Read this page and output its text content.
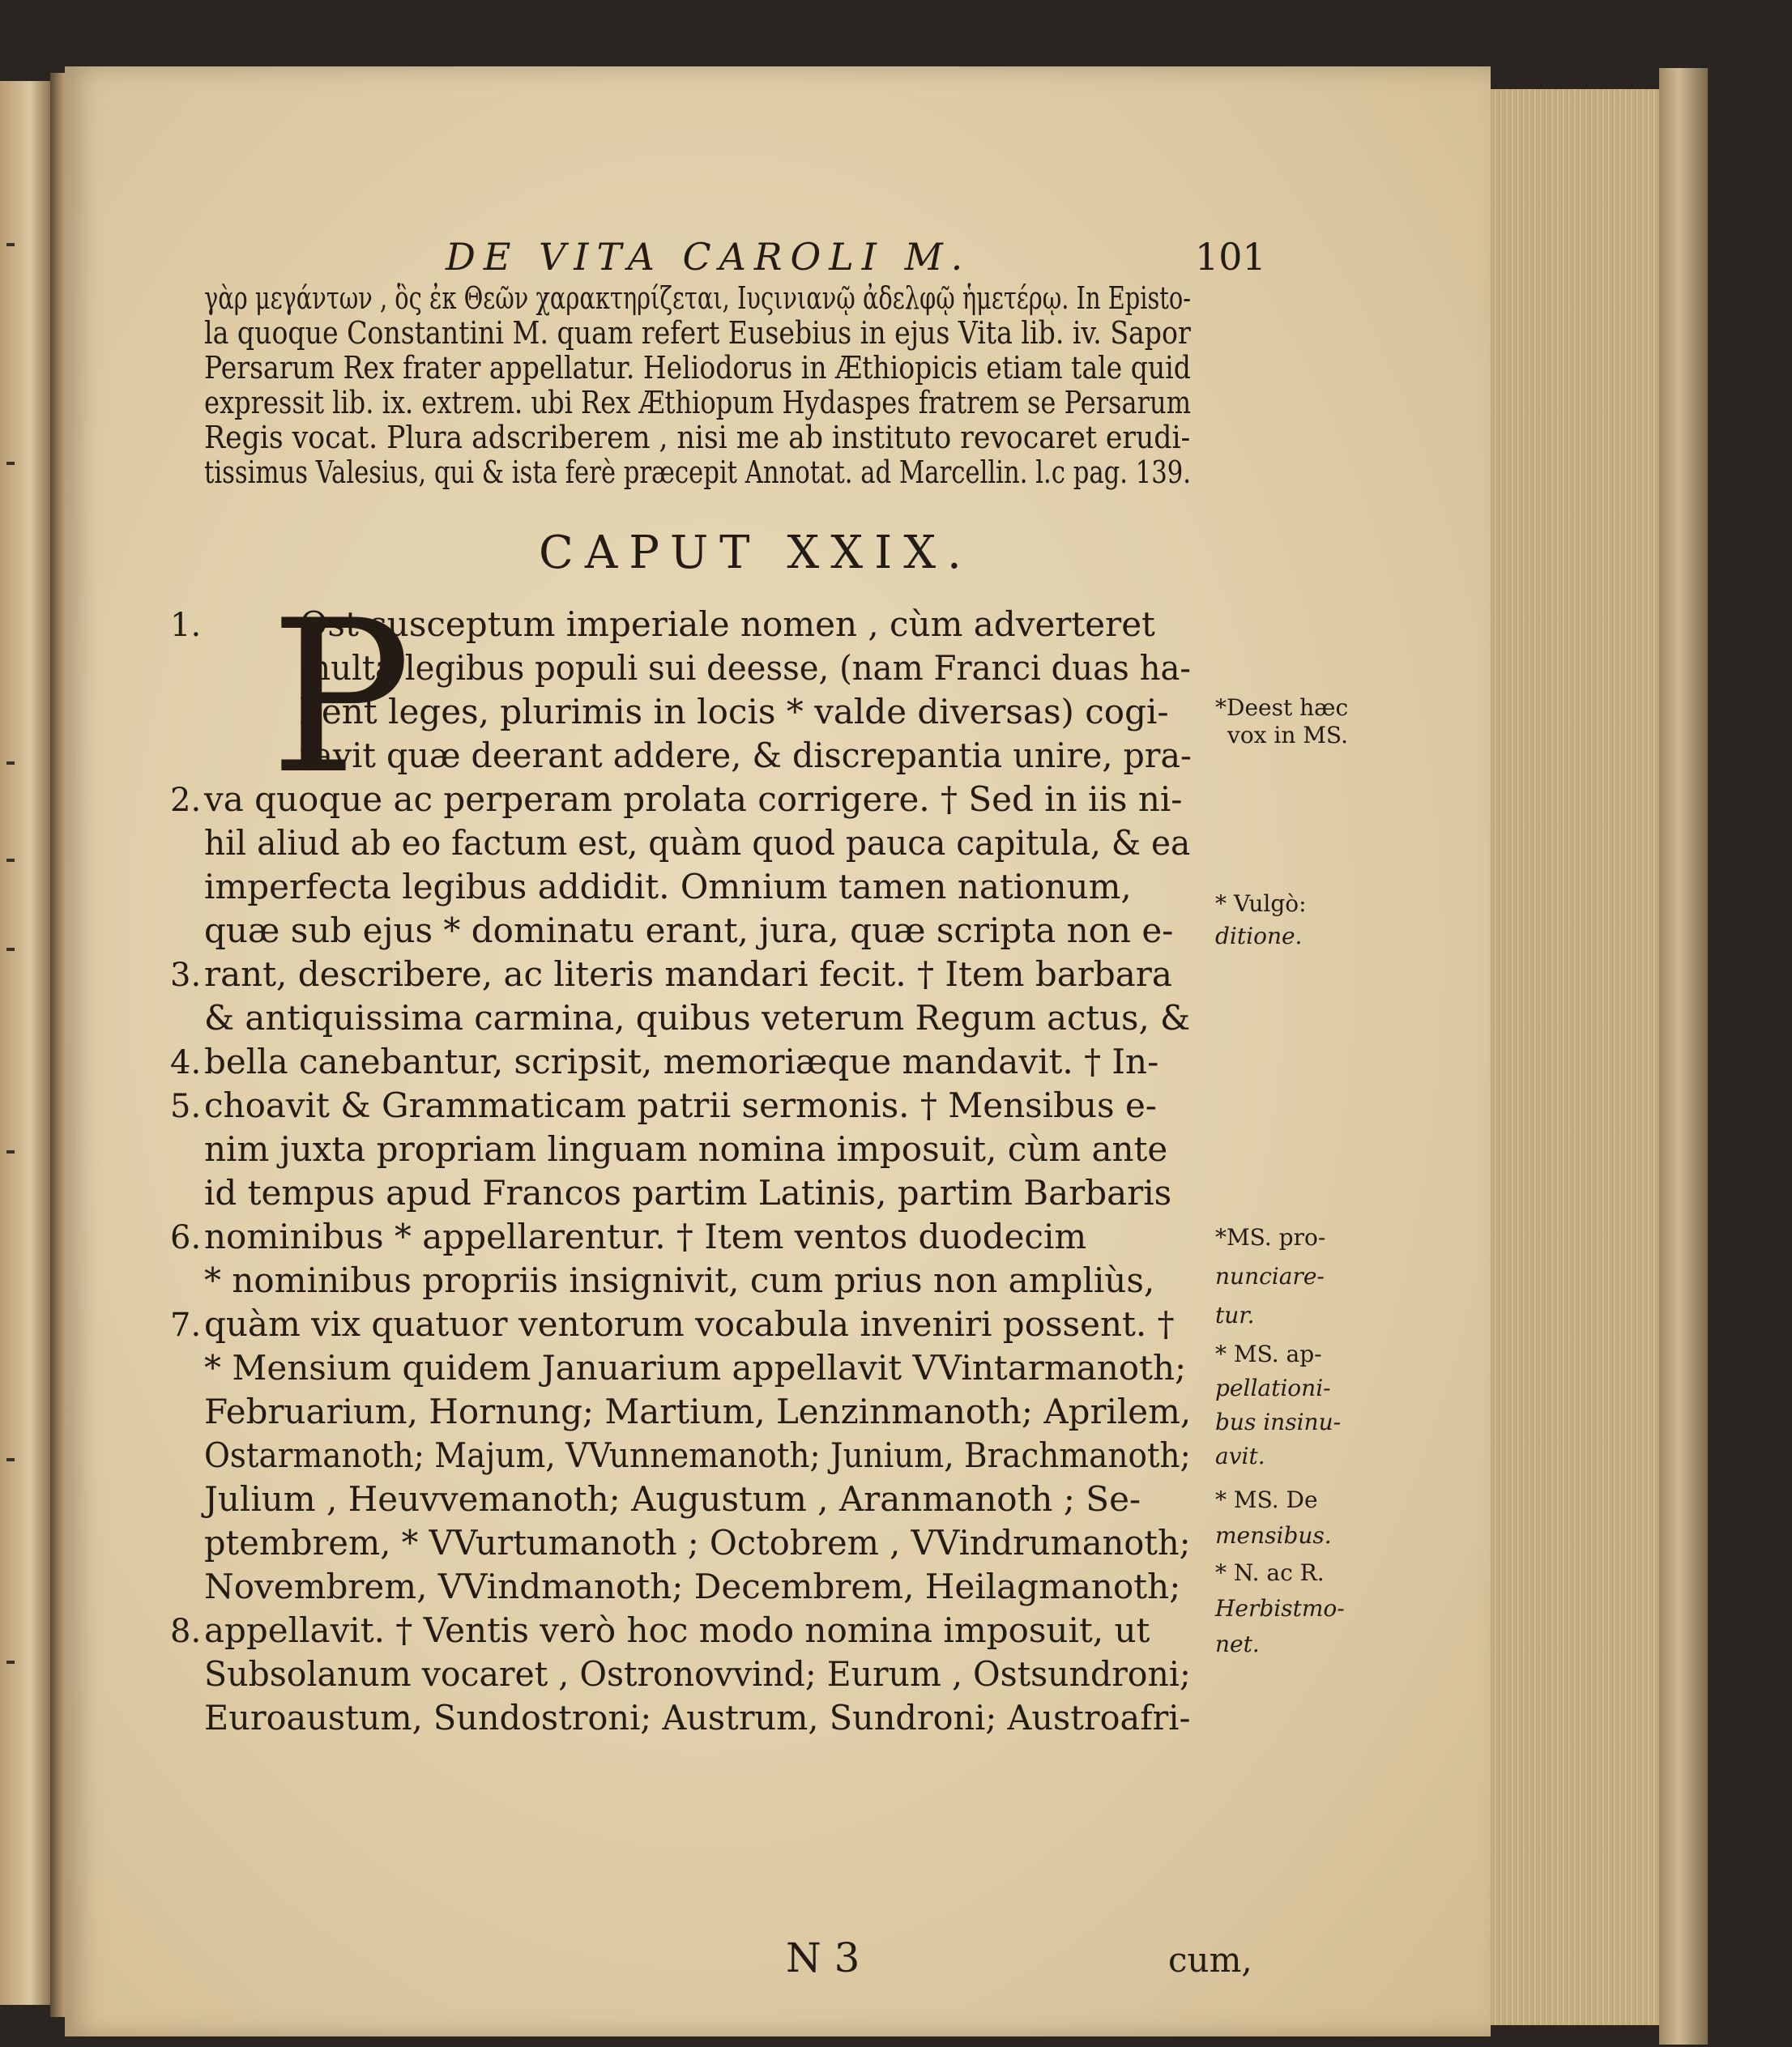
DE VITA CAROLI M.	101
γὰρ μεγάντων , ὃς ἐκ Θεῶν χαρακτηρίζεται, Ιυςινιανῷ ἀδελφῷ ἡμετέρῳ. In Episto-
la quoque Constantini M. quam refert Eusebius in ejus Vita lib. iv. Sapor
Persarum Rex frater appellatur. Heliodorus in Æthiopicis etiam tale quid
expressit lib. ix. extrem. ubi Rex Æthiopum Hydaspes fratrem se Persarum
Regis vocat. Plura adscriberem , nisi me ab instituto revocaret erudi-
tissimus Valesius, qui & ista ferè præcepit Annotat. ad Marcellin. l.c pag. 139.
CAPUT XXIX.
P
Ost susceptum imperiale nomen , cùm adverteret
multa legibus populi sui deesse, (nam Franci duas ha-
bent leges, plurimis in locis * valde diversas) cogi-
tavit quæ deerant addere, & discrepantia unire, pra-
va quoque ac perperam prolata corrigere. † Sed in iis ni-
hil aliud ab eo factum est, quàm quod pauca capitula, & ea
imperfecta legibus addidit. Omnium tamen nationum,
quæ sub ejus * dominatu erant, jura, quæ scripta non e-
rant, describere, ac literis mandari fecit. † Item barbara
& antiquissima carmina, quibus veterum Regum actus, &
bella canebantur, scripsit, memoriæque mandavit. † In-
choavit & Grammaticam patrii sermonis. † Mensibus e-
nim juxta propriam linguam nomina imposuit, cùm ante
id tempus apud Francos partim Latinis, partim Barbaris
nominibus * appellarentur. † Item ventos duodecim
* nominibus propriis insignivit, cum prius non ampliùs,
quàm vix quatuor ventorum vocabula inveniri possent. †
* Mensium quidem Januarium appellavit VVintarmanoth;
Februarium, Hornung; Martium, Lenzinmanoth; Aprilem,
Ostarmanoth; Majum, VVunnemanoth; Junium, Brachmanoth;
Julium , Heuvvemanoth; Augustum , Aranmanoth ; Se-
ptembrem, * VVurtumanoth ; Octobrem , VVindrumanoth;
Novembrem, VVindmanoth; Decembrem, Heilagmanoth;
appellavit. † Ventis verò hoc modo nomina imposuit, ut
Subsolanum vocaret , Ostronovvind; Eurum , Ostsundroni;
Euroaustum, Sundostroni; Austrum, Sundroni; Austroafri-
1.
2.
3.
4.
5.
6.
7.
8.
*Deest hæc
vox in MS.
* Vulgò:
ditione.
*MS. pro-
nunciare-
tur.
* MS. ap-
pellationi-
bus insinu-
avit.
* MS. De
mensibus.
* N. ac R.
Herbistmo-
net.
N 3	cum,
